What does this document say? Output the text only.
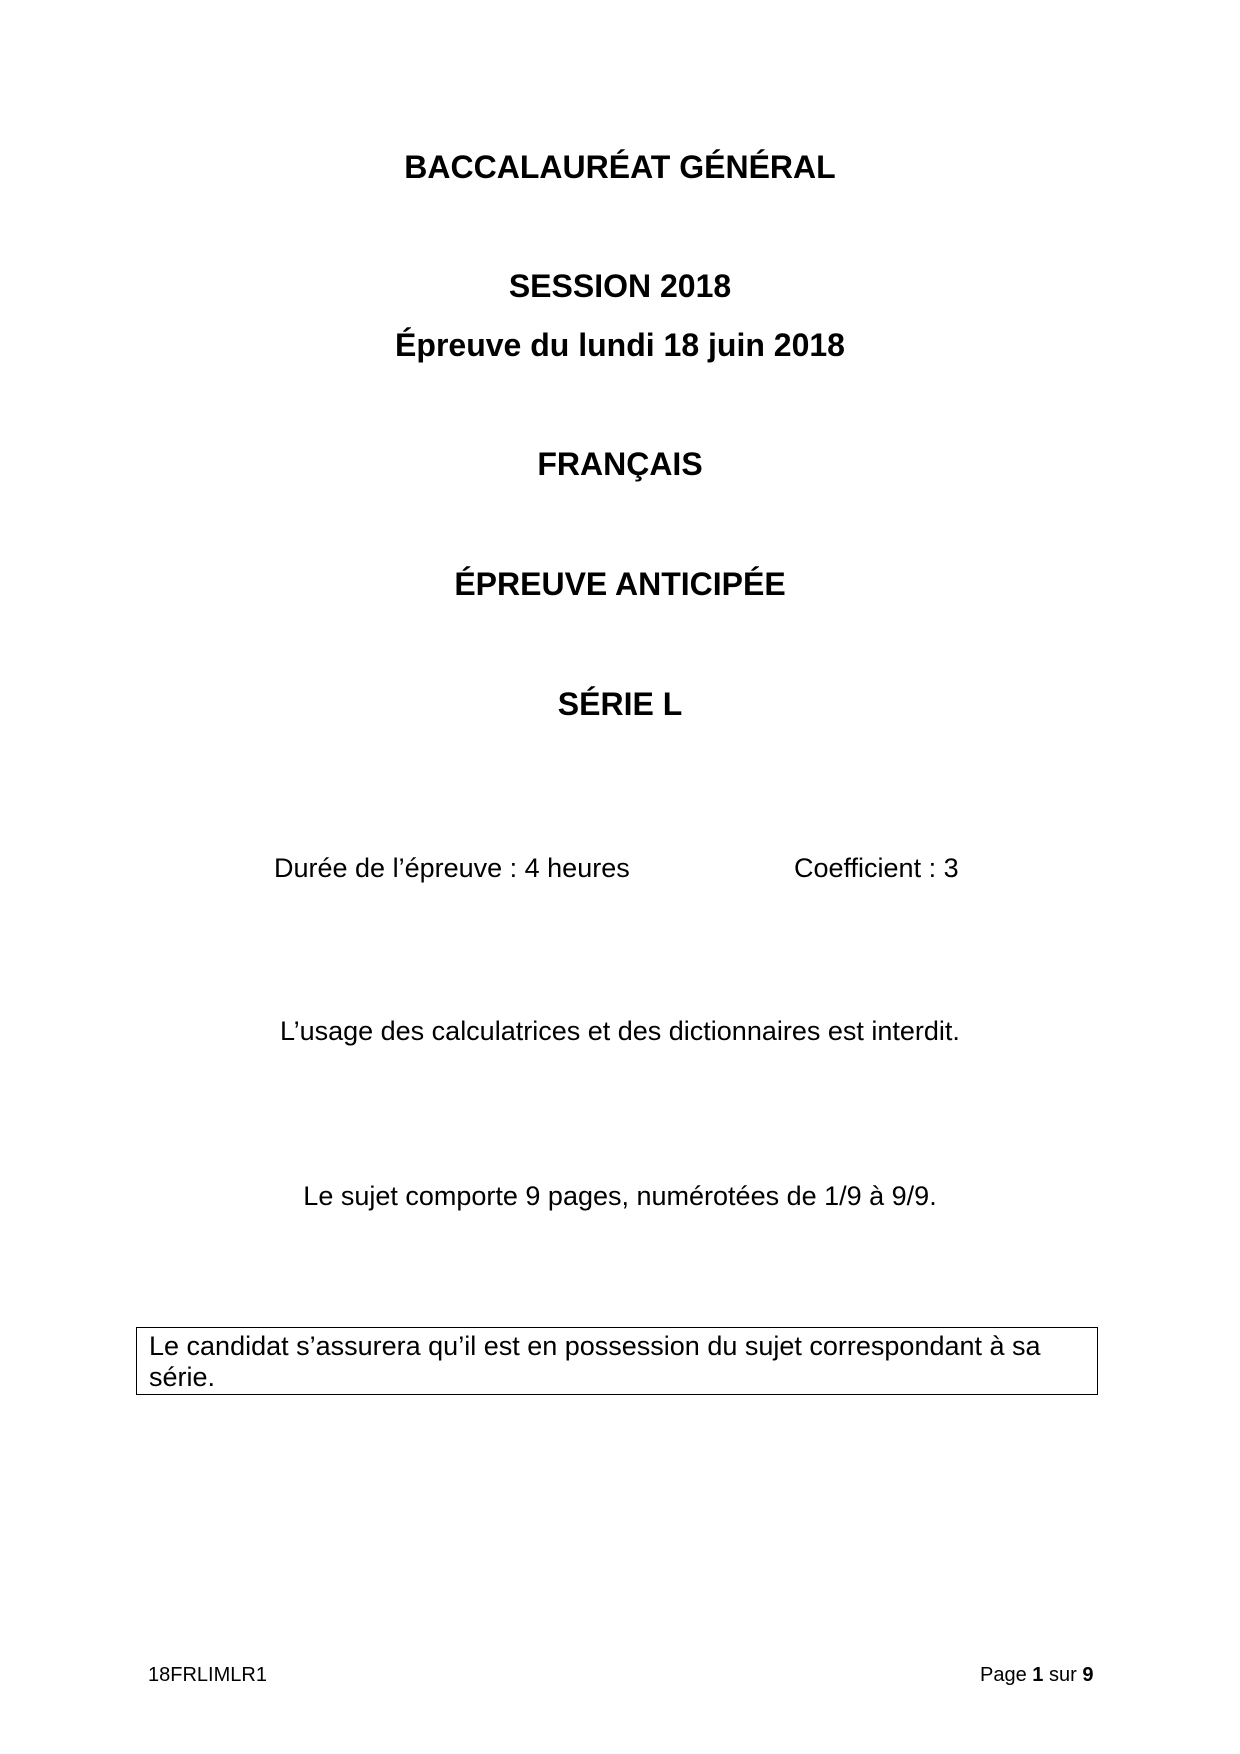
BACCALAURÉAT GÉNÉRAL
SESSION 2018
Épreuve du lundi 18 juin 2018
FRANÇAIS
ÉPREUVE ANTICIPÉE
SÉRIE L

Durée de l’épreuve : 4 heures	Coefficient : 3

L’usage des calculatrices et des dictionnaires est interdit.

Le sujet comporte 9 pages, numérotées de 1/9 à 9/9.

Le candidat s’assurera qu’il est en possession du sujet correspondant à sa série.
18FRLIMLR1	Page 1 sur 9
